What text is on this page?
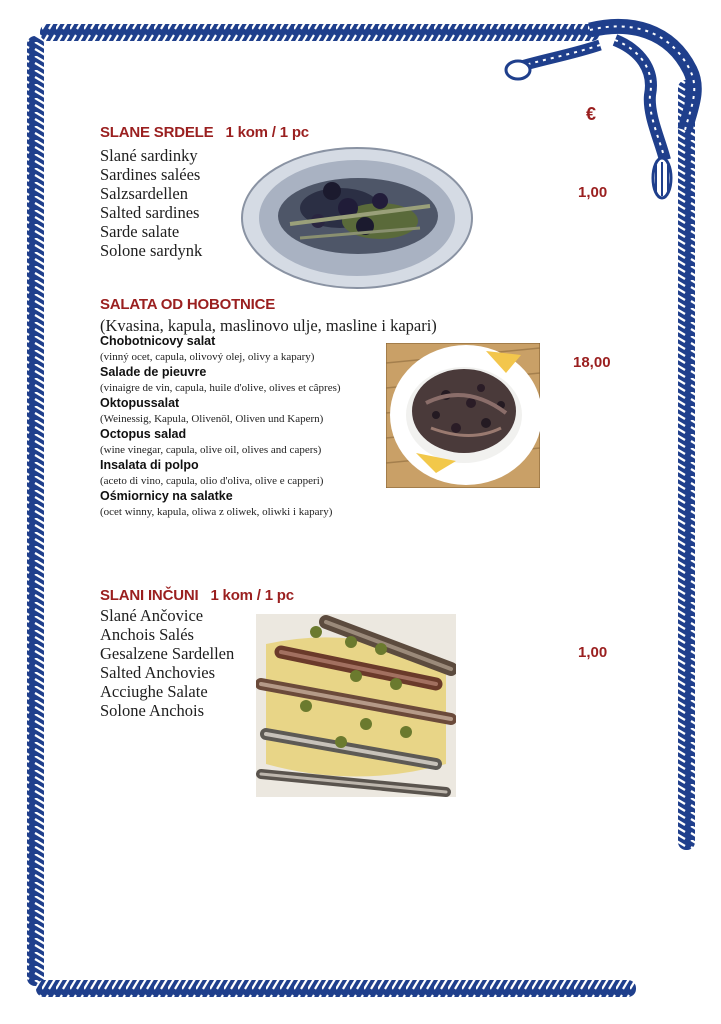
€
SLANE SRDELE 1 kom / 1 pc
Slané sardinky
Sardines salées
Salzsardellen
Salted sardines
Sarde salate
Solone sardynk
1,00
SALATA OD HOBOTNICE
(Kvasina, kapula, maslinovo ulje, masline i kapari)
Chobotnicovy salat
(vinný ocet, capula, olivový olej, olivy a kapary)
Salade de pieuvre
(vinaigre de vin, capula, huile d'olive, olives et câpres)
Oktopussalat
(Weinessig, Kapula, Olivenöl, Oliven und Kapern)
Octopus salad
(wine vinegar, capula, olive oil, olives and capers)
Insalata di polpo
(aceto di vino, capula, olio d'oliva, olive e capperi)
Ośmiornicy na salatke
(ocet winny, kapula, oliwa z oliwek, oliwki i kapary)
18,00
SLANI INČUNI 1 kom / 1 pc
Slané Ančovice
Anchois Salés
Gesalzene Sardellen
Salted Anchovies
Acciughe Salate
Solone Anchois
1,00
